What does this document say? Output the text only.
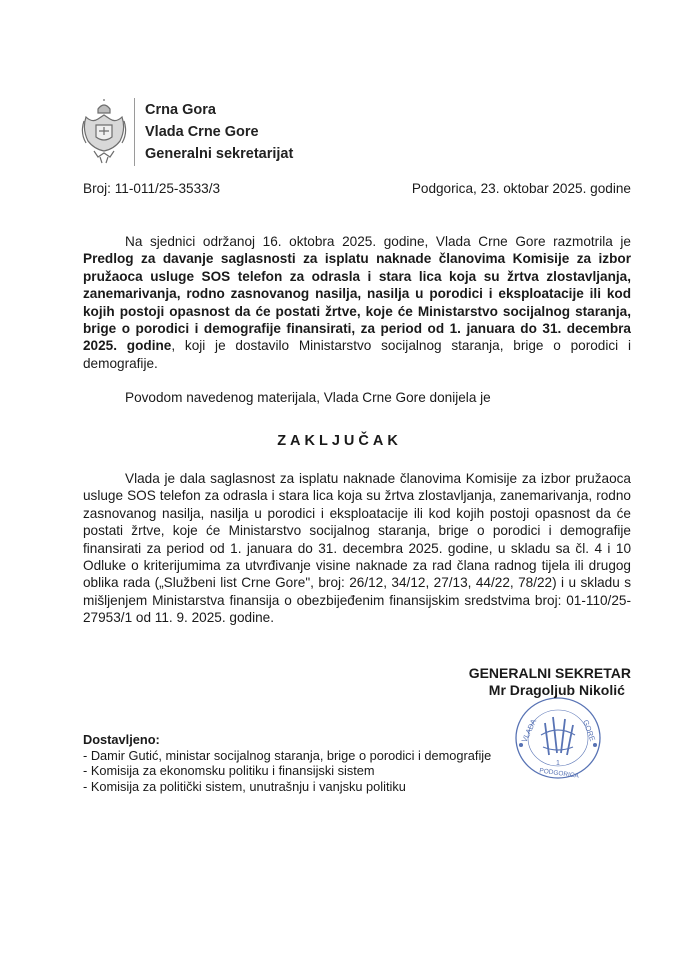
Crna Gora
Vlada Crne Gore
Generalni sekretarijat
Broj: 11-011/25-3533/3	Podgorica, 23. oktobar 2025. godine
Na sjednici održanoj 16. oktobra 2025. godine, Vlada Crne Gore razmotrila je Predlog za davanje saglasnosti za isplatu naknade članovima Komisije za izbor pružaoca usluge SOS telefon za odrasla i stara lica koja su žrtva zlostavljanja, zanemarivanja, rodno zasnovanog nasilja, nasilja u porodici i eksploatacije ili kod kojih postoji opasnost da će postati žrtve, koje će Ministarstvo socijalnog staranja, brige o porodici i demografije finansirati, za period od 1. januara do 31. decembra 2025. godine, koji je dostavilo Ministarstvo socijalnog staranja, brige o porodici i demografije.
Povodom navedenog materijala, Vlada Crne Gore donijela je
ZAKLJUČAK
Vlada je dala saglasnost za isplatu naknade članovima Komisije za izbor pružaoca usluge SOS telefon za odrasla i stara lica koja su žrtva zlostavljanja, zanemarivanja, rodno zasnovanog nasilja, nasilja u porodici i eksploatacije ili kod kojih postoji opasnost da će postati žrtve, koje će Ministarstvo socijalnog staranja, brige o porodici i demografije finansirati za period od 1. januara do 31. decembra 2025. godine, u skladu sa čl. 4 i 10 Odluke o kriterijumima za utvrđivanje visine naknade za rad člana radnog tijela ili drugog oblika rada („Službeni list Crne Gore", broj: 26/12, 34/12, 27/13, 44/22, 78/22) i u skladu s mišljenjem Ministarstva finansija o obezbijeđenim finansijskim sredstvima broj: 01-110/25-27953/1 od 11. 9. 2025. godine.
VLADA	GORE
1
PODGORICA
GENERALNI SEKRETAR
Mr Dragoljub Nikolić
Dostavljeno:
- Damir Gutić, ministar socijalnog staranja, brige o porodici i demografije
- Komisija za ekonomsku politiku i finansijski sistem
- Komisija za politički sistem, unutrašnju i vanjsku politiku
